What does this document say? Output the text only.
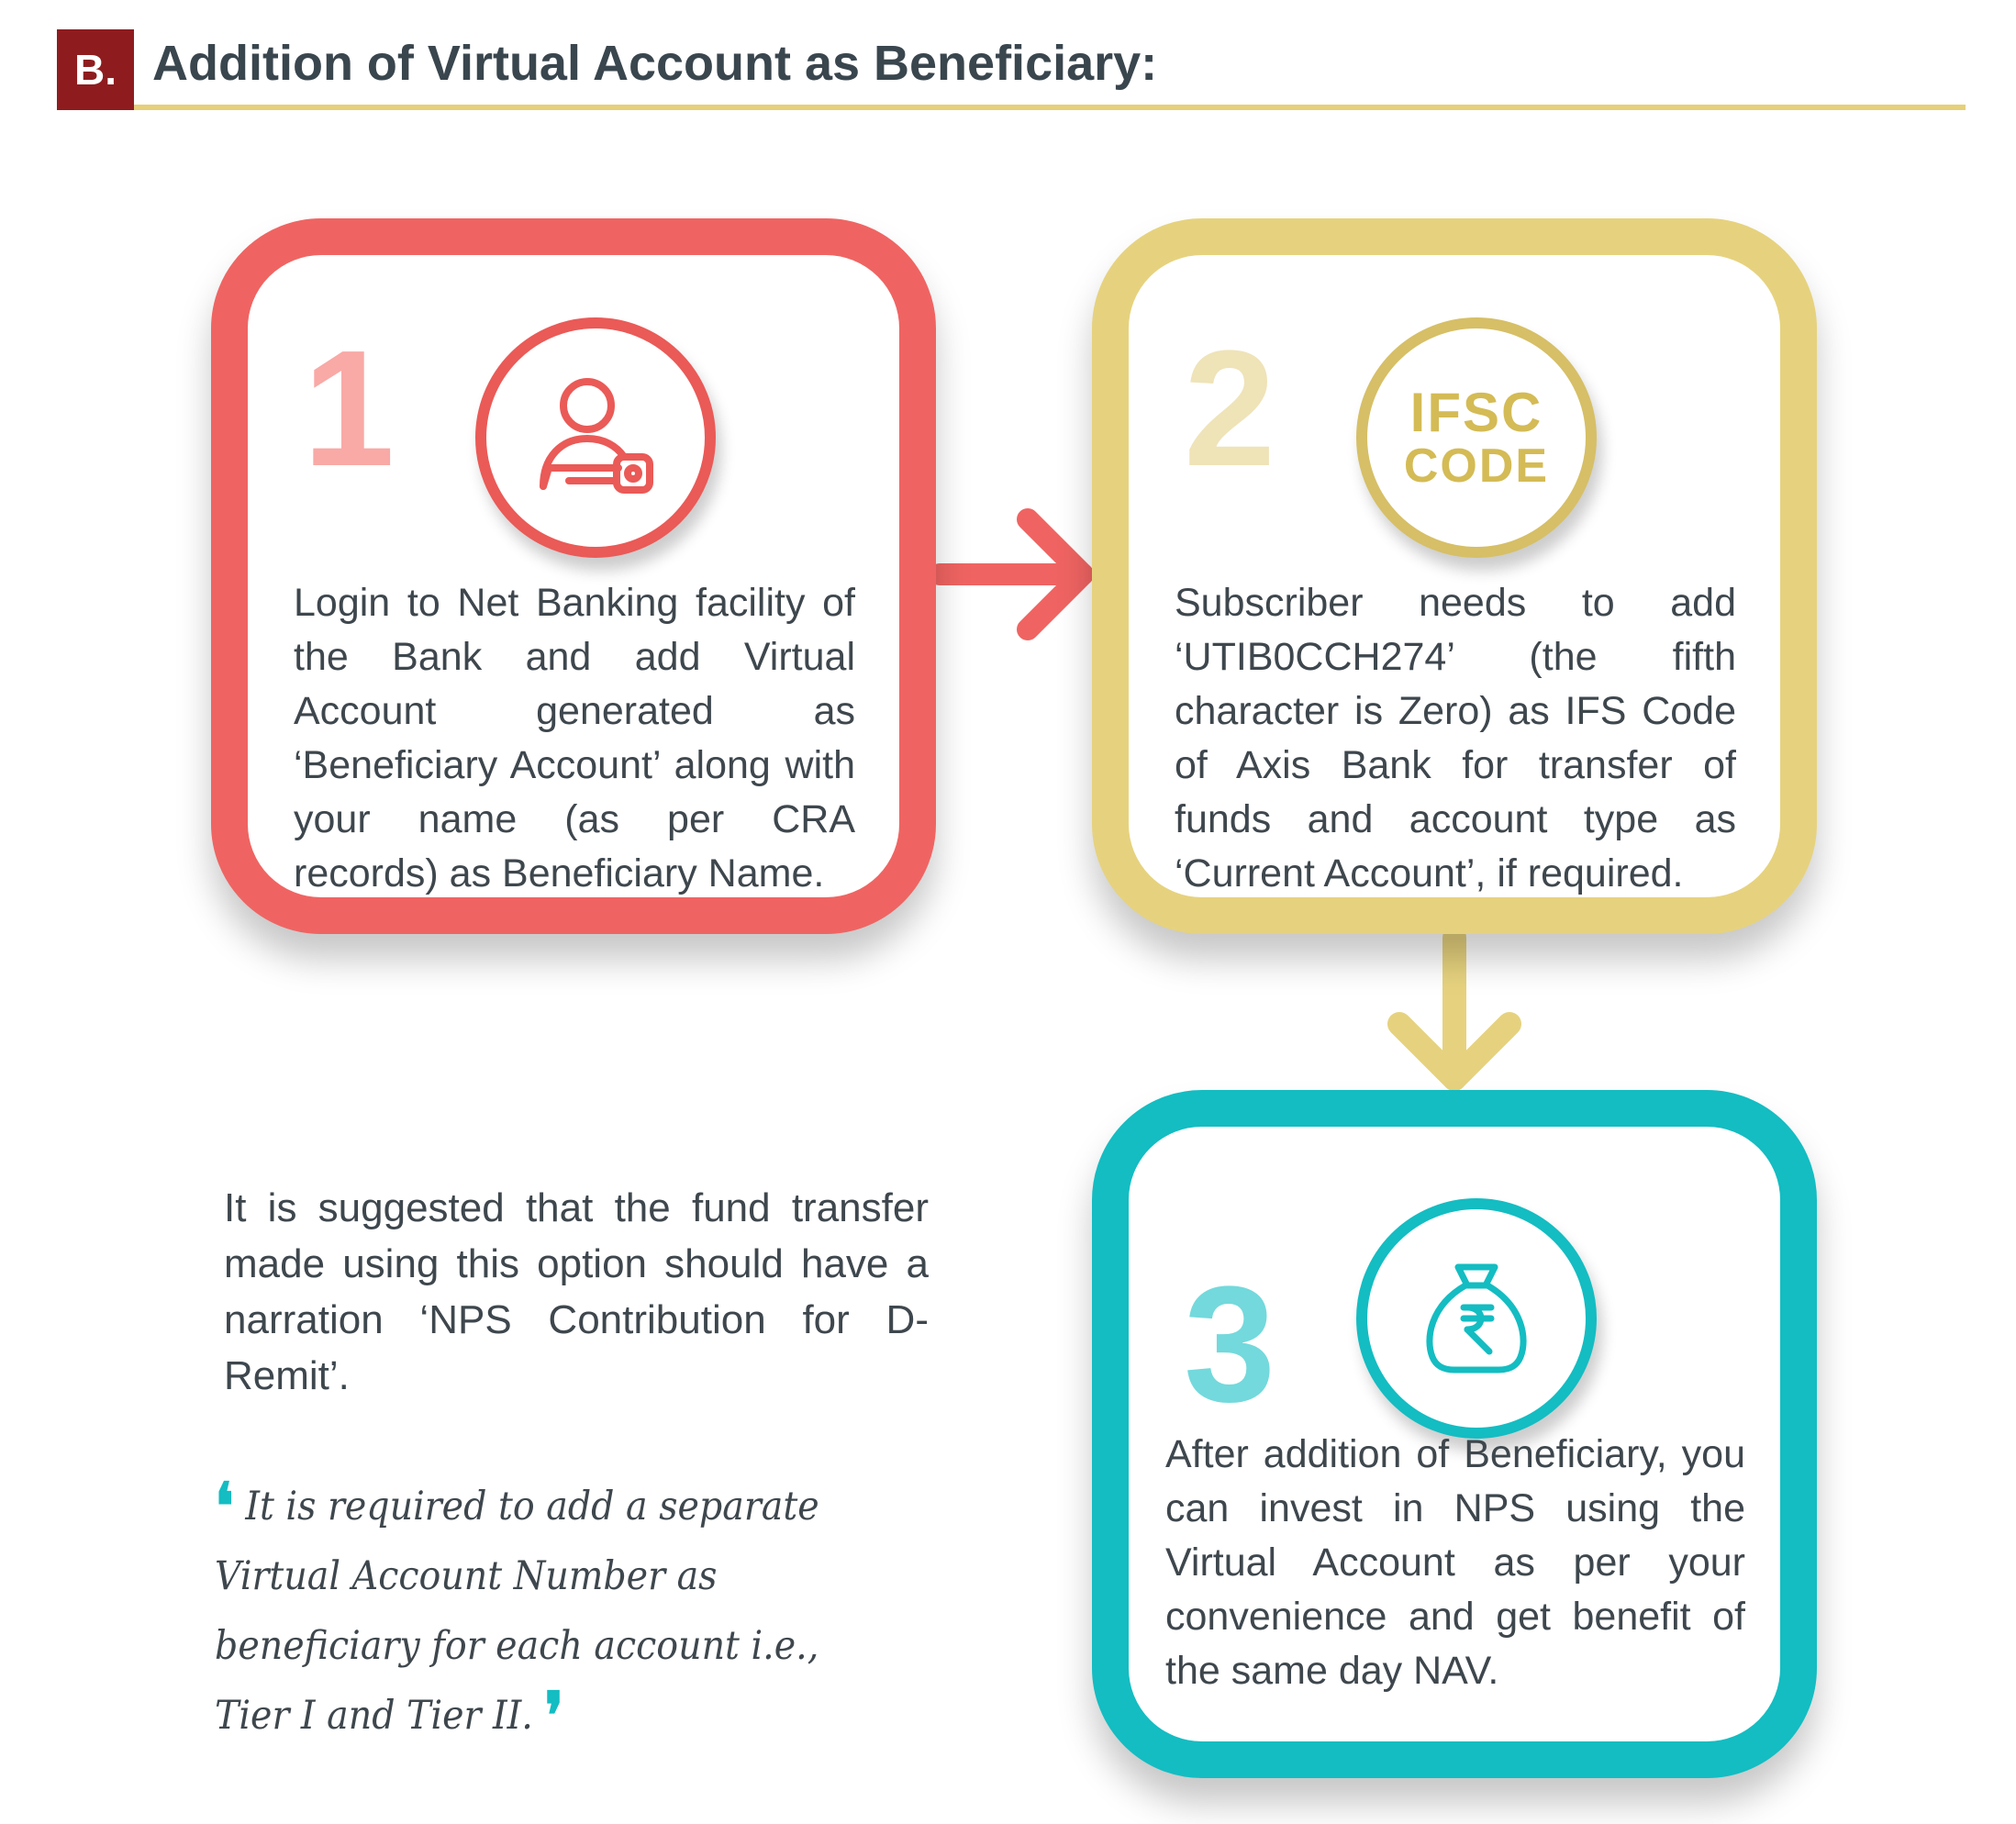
B. Addition of Virtual Account as Beneficiary:
1
Login to Net Banking facility of the Bank and add Virtual Account generated as ‘Beneficiary Account’ along with your name (as per CRA records) as Beneficiary Name.
2 IFSC
CODE
Subscriber needs to add ‘UTIB0CCH274’ (the fifth character is Zero) as IFS Code of Axis Bank for transfer of funds and account type as ‘Current Account’, if required.
3
After addition of Beneficiary, you can invest in NPS using the Virtual Account as per your convenience and get benefit of the same day NAV.
It is suggested that the fund transfer made using this option should have a narration ‘NPS Contribution for D-Remit’.
❛ It is required to add a separate Virtual Account Number as beneficiary for each account i.e., Tier I and Tier II. ❜
